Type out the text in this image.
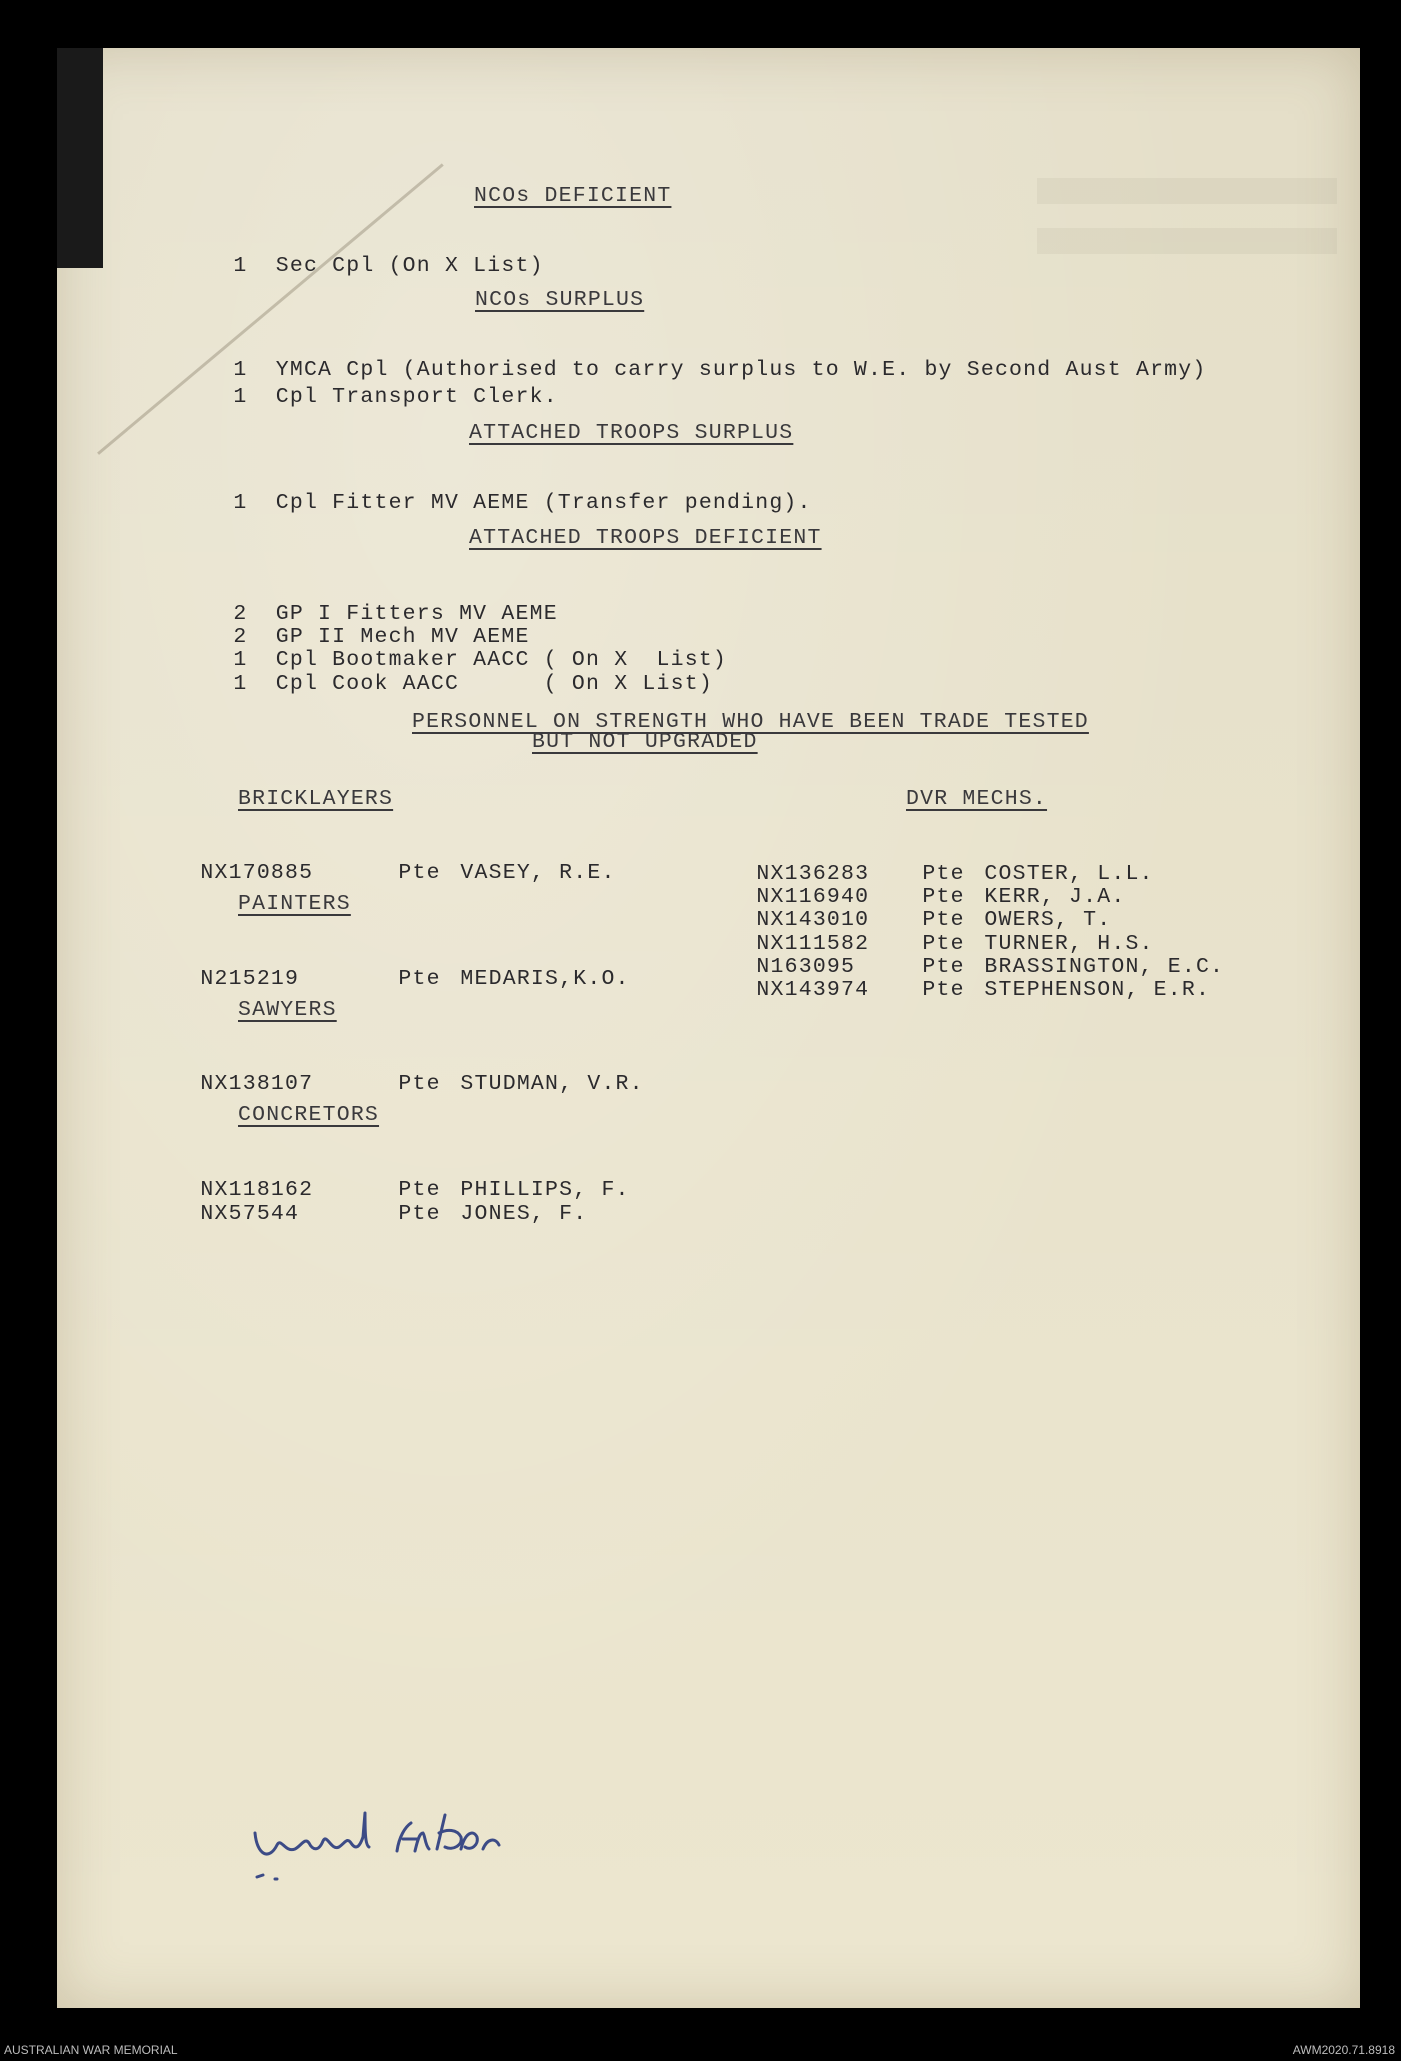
NCOs DEFICIENT

1 Sec Cpl (On X List)

NCOs SURPLUS

1 YMCA Cpl (Authorised to carry surplus to W.E. by Second Aust Army)

1 Cpl Transport Clerk.

ATTACHED TROOPS SURPLUS

1 Cpl Fitter MV AEME (Transfer pending).

ATTACHED TROOPS DEFICIENT

2 GP I Fitters MV AEME

2 GP II Mech MV AEME

1 Cpl Bootmaker AACC ( On X  List)

1 Cpl Cook AACC      ( On X List)

PERSONNEL ON STRENGTH WHO HAVE BEEN TRADE TESTED
BUT NOT UPGRADED
BRICKLAYERS

NX170885	Pte VASEY, R.E.

PAINTERS

N215219	Pte MEDARIS,K.O.

SAWYERS

NX138107	Pte STUDMAN, V.R.

CONCRETORS

NX118162	Pte PHILLIPS, F.

NX57544	Pte JONES, F.

DVR MECHS.

NX136283 Pte COSTER, L.L.

NX116940 Pte KERR, J.A.

NX143010 Pte OWERS, T.

NX111582 Pte TURNER, H.S.

N163095	Pte BRASSINGTON, E.C.

NX143974 Pte STEPHENSON, E.R.

AUSTRALIAN WAR MEMORIAL	AWM2020.71.8918
